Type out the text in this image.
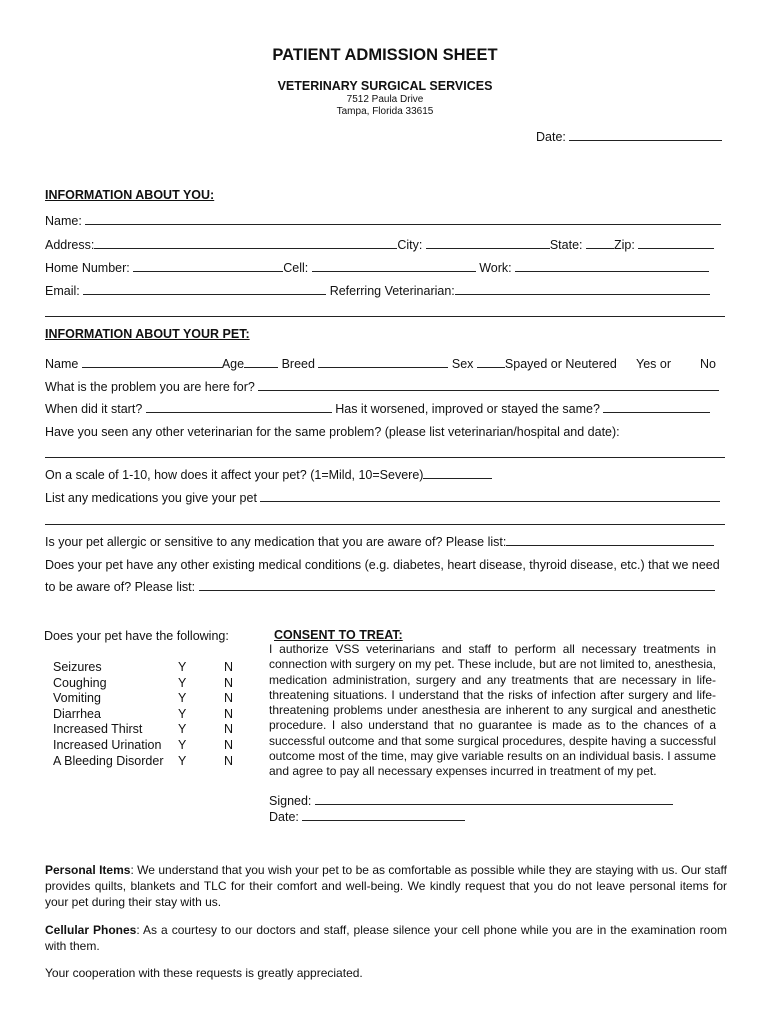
PATIENT ADMISSION SHEET
VETERINARY SURGICAL SERVICES
7512 Paula Drive
Tampa, Florida 33615
Date:
INFORMATION ABOUT YOU:
Name:
Address:	City:	State:	Zip:
Home Number:	Cell:	Work:
Email:	Referring Veterinarian:
INFORMATION ABOUT YOUR PET:
Name	Age	Breed	Sex	Spayed or Neutered Yes or No
What is the problem you are here for?
When did it start?	Has it worsened, improved or stayed the same?
Have you seen any other veterinarian for the same problem? (please list veterinarian/hospital and date):
On a scale of 1-10, how does it affect your pet? (1=Mild, 10=Severe)
List any medications you give your pet
Is your pet allergic or sensitive to any medication that you are aware of? Please list:
Does your pet have any other existing medical conditions (e.g. diabetes, heart disease, thyroid disease, etc.) that we need
to be aware of? Please list:
Does your pet have the following:
Seizures	Y	N
Coughing	Y	N
Vomiting	Y	N
Diarrhea	Y	N
Increased Thirst	Y	N
Increased Urination Y	N
A Bleeding Disorder Y	N
CONSENT TO TREAT:
I authorize VSS veterinarians and staff to perform all necessary treatments in connection with surgery on my pet. These include, but are not limited to, anesthesia, medication administration, surgery and any treatments that are necessary in life-threatening situations. I understand that the risks of infection after surgery and life-threatening problems under anesthesia are inherent to any surgical and anesthetic procedure. I also understand that no guarantee is made as to the chances of a successful outcome and that some surgical procedures, despite having a successful outcome most of the time, may give variable results on an individual basis. I assume and agree to pay all necessary expenses incurred in treatment of my pet.
Signed:
Date:
Personal Items: We understand that you wish your pet to be as comfortable as possible while they are staying with us. Our staff provides quilts, blankets and TLC for their comfort and well-being. We kindly request that you do not leave personal items for your pet during their stay with us.
Cellular Phones: As a courtesy to our doctors and staff, please silence your cell phone while you are in the examination room with them.
Your cooperation with these requests is greatly appreciated.
